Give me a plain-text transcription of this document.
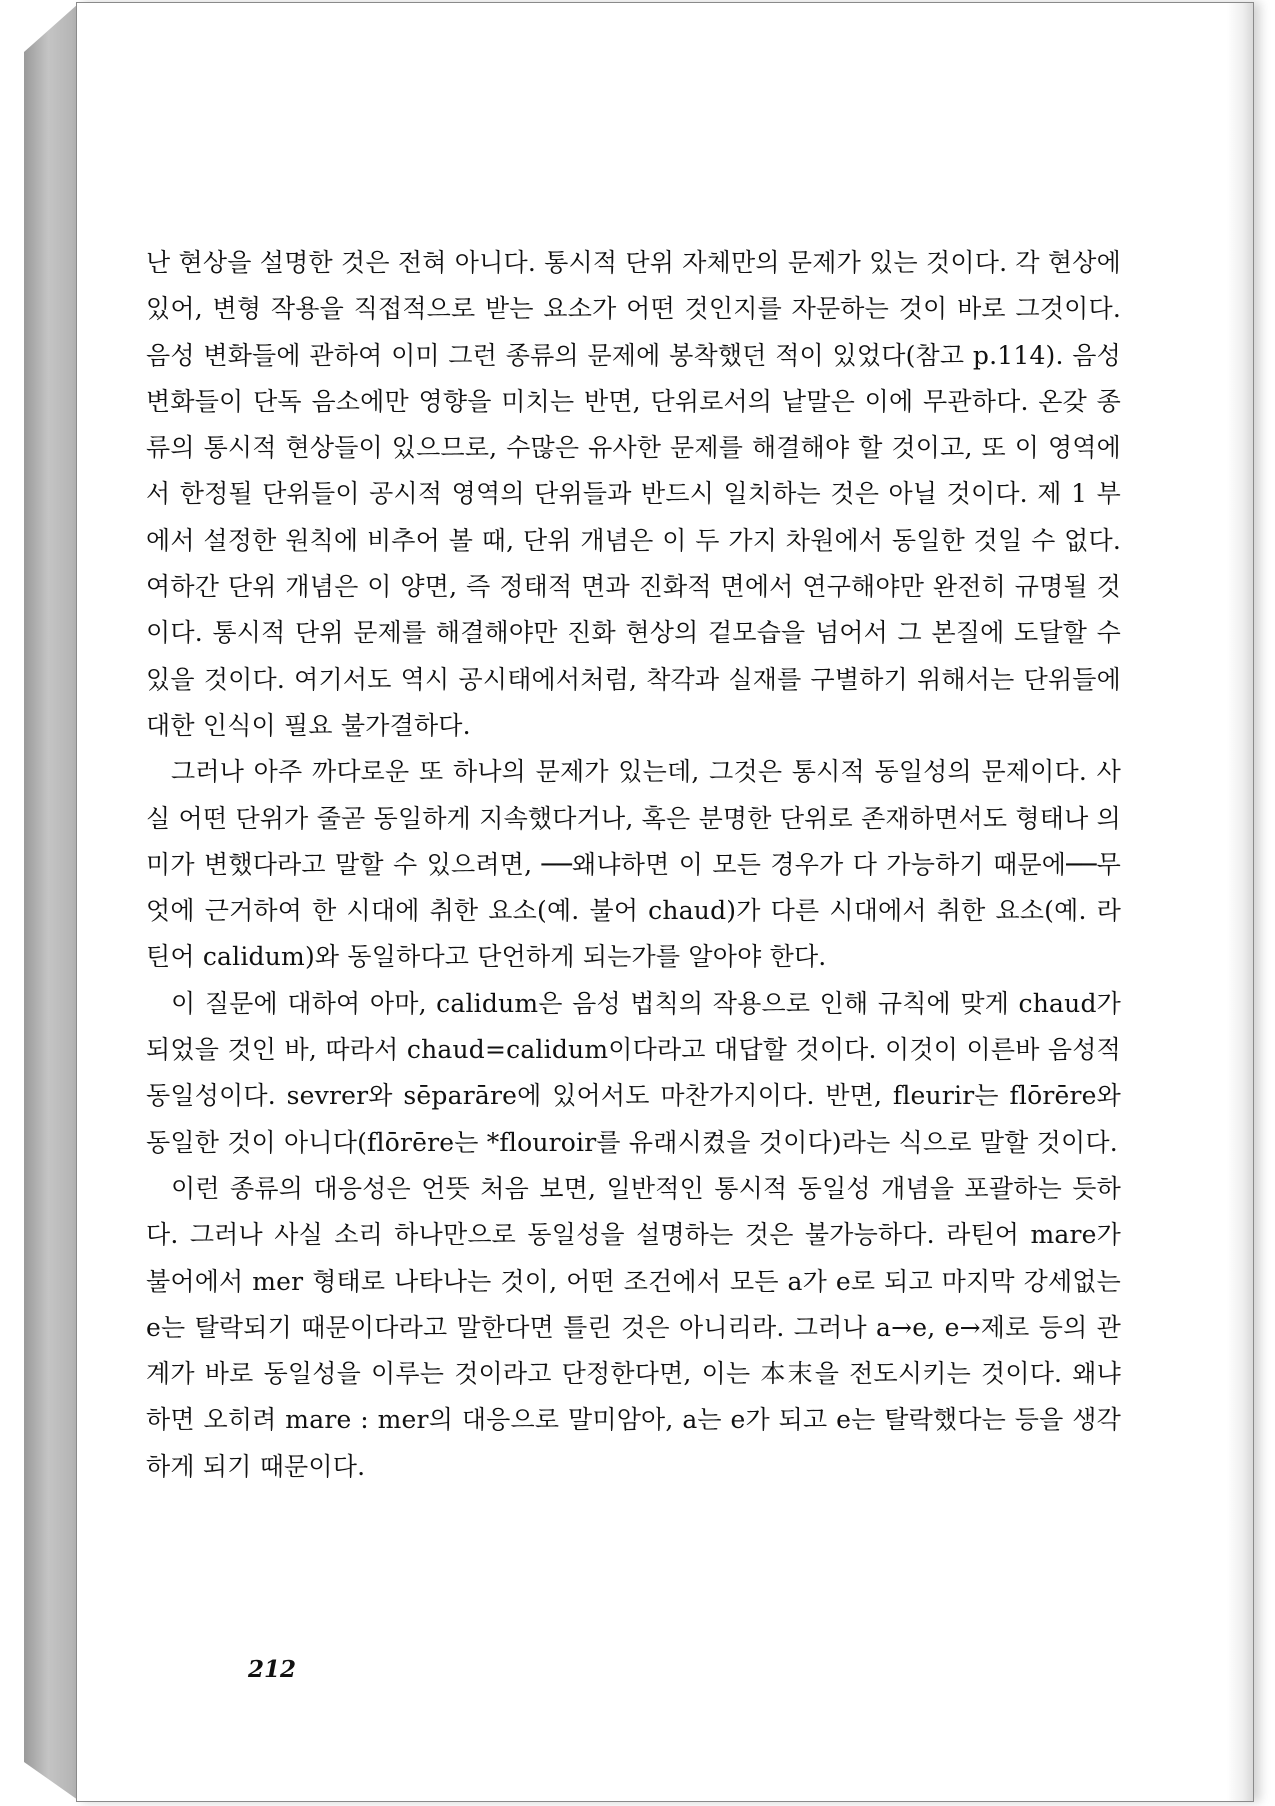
난 현상을 설명한 것은 전혀 아니다. 통시적 단위 자체만의 문제가 있는 것이다. 각 현상에 있어, 변형 작용을 직접적으로 받는 요소가 어떤 것인지를 자문하는 것이 바로 그것이다. 음성 변화들에 관하여 이미 그런 종류의 문제에 봉착했던 적이 있었다(참고 p.114). 음성 변화들이 단독 음소에만 영향을 미치는 반면, 단위로서의 낱말은 이에 무관하다. 온갖 종류의 통시적 현상들이 있으므로, 수많은 유사한 문제를 해결해야 할 것이고, 또 이 영역에서 한정될 단위들이 공시적 영역의 단위들과 반드시 일치하는 것은 아닐 것이다. 제 1 부에서 설정한 원칙에 비추어 볼 때, 단위 개념은 이 두 가지 차원에서 동일한 것일 수 없다. 여하간 단위 개념은 이 양면, 즉 정태적 면과 진화적 면에서 연구해야만 완전히 규명될 것이다. 통시적 단위 문제를 해결해야만 진화 현상의 겉모습을 넘어서 그 본질에 도달할 수 있을 것이다. 여기서도 역시 공시태에서처럼, 착각과 실재를 구별하기 위해서는 단위들에 대한 인식이 필요 불가결하다.

그러나 아주 까다로운 또 하나의 문제가 있는데, 그것은 통시적 동일성의 문제이다. 사실 어떤 단위가 줄곧 동일하게 지속했다거나, 혹은 분명한 단위로 존재하면서도 형태나 의미가 변했다라고 말할 수 있으려면, ──왜냐하면 이 모든 경우가 다 가능하기 때문에──무엇에 근거하여 한 시대에 취한 요소(예. 불어 chaud)가 다른 시대에서 취한 요소(예. 라틴어 calidum)와 동일하다고 단언하게 되는가를 알아야 한다.

이 질문에 대하여 아마, calidum은 음성 법칙의 작용으로 인해 규칙에 맞게 chaud가 되었을 것인 바, 따라서 chaud=calidum이다라고 대답할 것이다. 이것이 이른바 음성적 동일성이다. sevrer와 sēparāre에 있어서도 마찬가지이다. 반면, fleurir는 flōrēre와 동일한 것이 아니다(flōrēre는 *flouroir를 유래시켰을 것이다)라는 식으로 말할 것이다.

이런 종류의 대응성은 언뜻 처음 보면, 일반적인 통시적 동일성 개념을 포괄하는 듯하다. 그러나 사실 소리 하나만으로 동일성을 설명하는 것은 불가능하다. 라틴어 mare가 불어에서 mer 형태로 나타나는 것이, 어떤 조건에서 모든 a가 e로 되고 마지막 강세없는 e는 탈락되기 때문이다라고 말한다면 틀린 것은 아니리라. 그러나 a→e, e→제로 등의 관계가 바로 동일성을 이루는 것이라고 단정한다면, 이는 本末을 전도시키는 것이다. 왜냐하면 오히려 mare : mer의 대응으로 말미암아, a는 e가 되고 e는 탈락했다는 등을 생각하게 되기 때문이다.

212
